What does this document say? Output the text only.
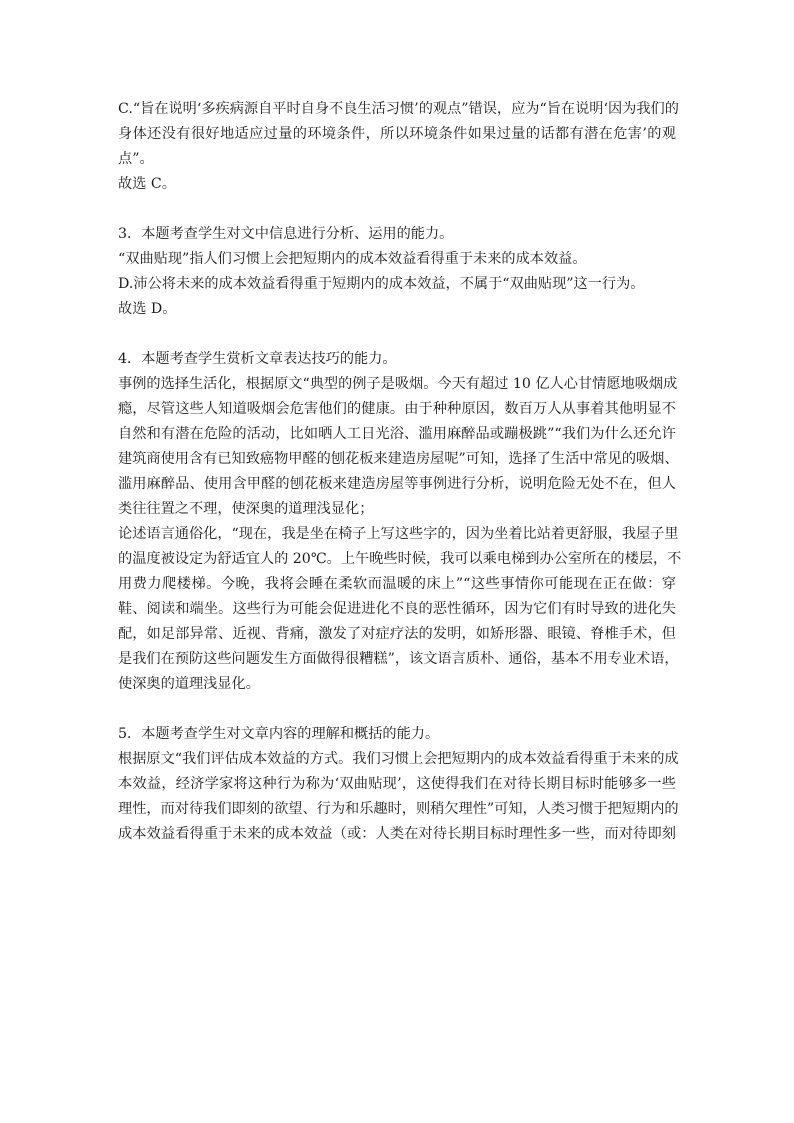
C.“旨在说明‘多疾病源自平时自身不良生活习惯’的观点”错误，应为“旨在说明‘因为我们的
身体还没有很好地适应过量的环境条件，所以环境条件如果过量的话都有潜在危害’的观
点”。
故选 C。
3．本题考查学生对文中信息进行分析、运用的能力。
“双曲贴现”指人们习惯上会把短期内的成本效益看得重于未来的成本效益。
D.沛公将未来的成本效益看得重于短期内的成本效益，不属于“双曲贴现”这一行为。
故选 D。
4．本题考查学生赏析文章表达技巧的能力。
事例的选择生活化，根据原文“典型的例子是吸烟。今天有超过 10 亿人心甘情愿地吸烟成
瘾，尽管这些人知道吸烟会危害他们的健康。由于种种原因，数百万人从事着其他明显不
自然和有潜在危险的活动，比如晒人工日光浴、滥用麻醉品或蹦极跳”“我们为什么还允许
建筑商使用含有已知致癌物甲醛的刨花板来建造房屋呢”可知，选择了生活中常见的吸烟、
滥用麻醉品、使用含甲醛的刨花板来建造房屋等事例进行分析，说明危险无处不在，但人
类往往置之不理，使深奥的道理浅显化；
论述语言通俗化，“现在，我是坐在椅子上写这些字的，因为坐着比站着更舒服，我屋子里
的温度被设定为舒适宜人的 20℃。上午晚些时候，我可以乘电梯到办公室所在的楼层，不
用费力爬楼梯。今晚，我将会睡在柔软而温暖的床上”“这些事情你可能现在正在做：穿
鞋、阅读和端坐。这些行为可能会促进进化不良的恶性循环，因为它们有时导致的进化失
配，如足部异常、近视、背痛，激发了对症疗法的发明，如矫形器、眼镜、脊椎手术，但
是我们在预防这些问题发生方面做得很糟糕”，该文语言质朴、通俗，基本不用专业术语，
使深奥的道理浅显化。
5．本题考查学生对文章内容的理解和概括的能力。
根据原文“我们评估成本效益的方式。我们习惯上会把短期内的成本效益看得重于未来的成
本效益，经济学家将这种行为称为‘双曲贴现’，这使得我们在对待长期目标时能够多一些
理性，而对待我们即刻的欲望、行为和乐趣时，则稍欠理性”可知，人类习惯于把短期内的
成本效益看得重于未来的成本效益（或：人类在对待长期目标时理性多一些，而对待即刻
